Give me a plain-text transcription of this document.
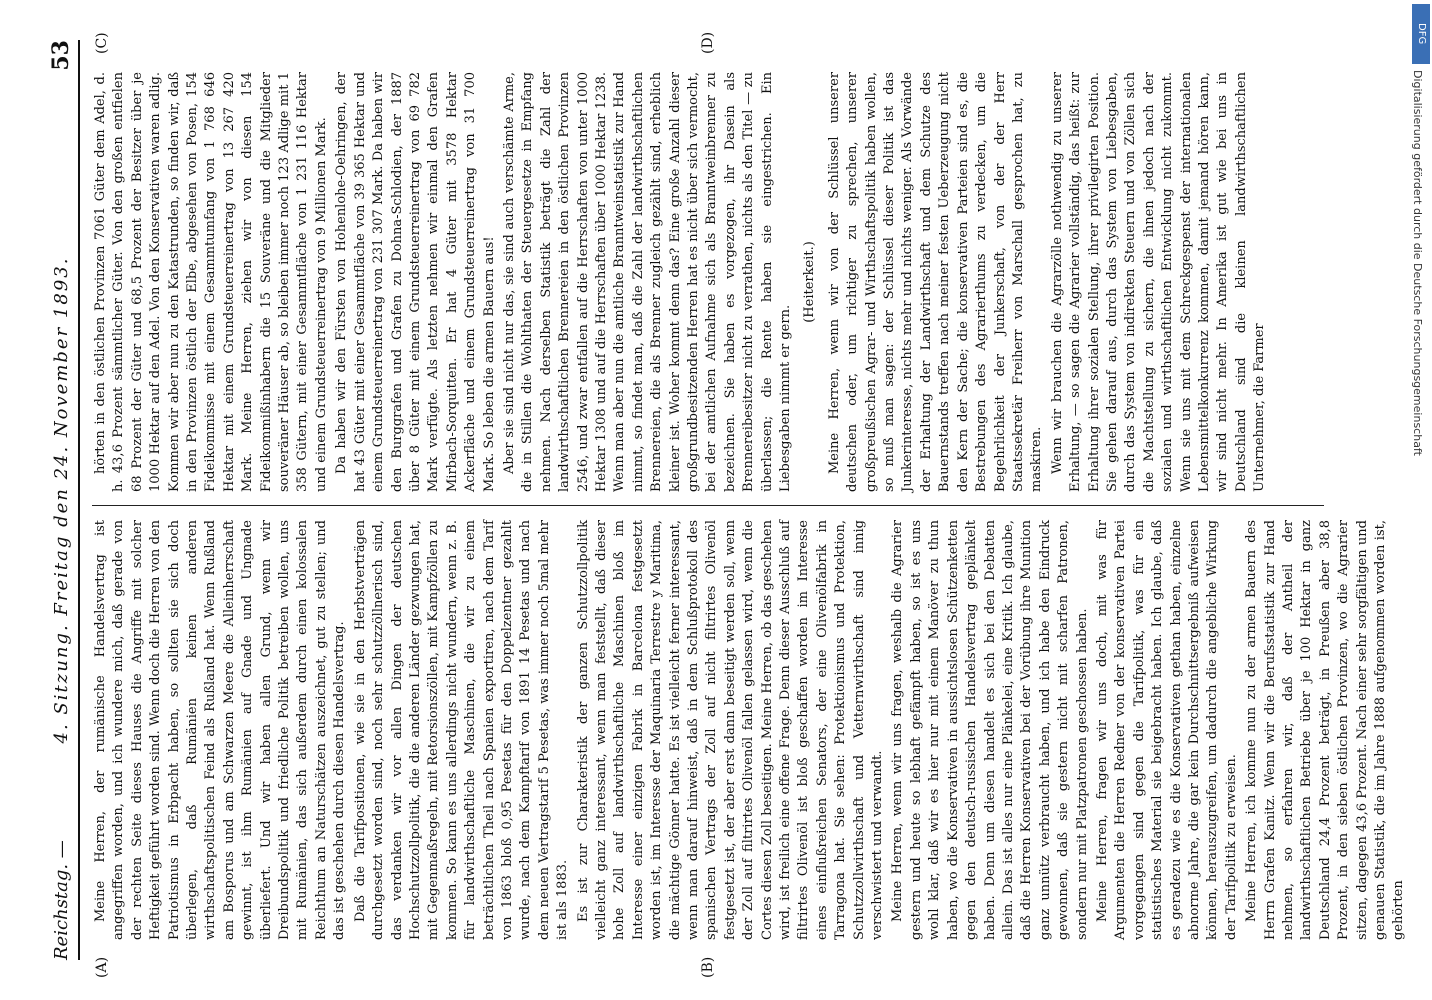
Reichstag. —
4. Sitzung. Freitag den 24. November 1893.
53
(A)	(B)
(C)	(D)

Meine Herren, der rumänische Handelsvertrag ist angegriffen worden, und ich wundere mich, daß gerade von der rechten Seite dieses Hauses die Angriffe mit solcher Heftigkeit geführt worden sind. Wenn doch die Herren von den Patriotismus in Erbpacht haben, so sollten sie sich doch überlegen, daß Rumänien keinen anderen wirthschaftspolitischen Feind als Rußland hat. Wenn Rußland am Bosporus und am Schwarzen Meere die Alleinherrschaft gewinnt, ist ihm Rumänien auf Gnade und Ungnade überliefert. Und wir haben allen Grund, wenn wir Dreibundspolitik und friedliche Politik betreiben wollen, uns mit Rumänien, das sich außerdem durch einen kolossalen Reichthum an Naturschätzen auszeichnet, gut zu stellen; und das ist geschehen durch diesen Handelsvertrag. Daß die Tarifpositionen, wie sie in den Herbstverträgen durchgesetzt worden sind, noch sehr schutzzöllnerisch sind, das verdanken wir vor allen Dingen der deutschen Hochschutzzollpolitik, die die anderen Länder gezwungen hat, mit Gegenmaßregeln, mit Retorsionszöllen, mit Kampfzöllen zu kommen. So kann es uns allerdings nicht wundern, wenn z. B. für landwirthschaftliche Maschinen, die wir zu einem beträchtlichen Theil nach Spanien exportiren, nach dem Tarif von 1863 bloß 0,95 Pesetas für den Doppelzentner gezahlt wurde, nach dem Kampftarif von 1891 14 Pesetas und nach dem neuen Vertragstarif 5 Pesetas, was immer noch 5mal mehr ist als 1883. Es ist zur Charakteristik der ganzen Schutzzollpolitik vielleicht ganz interessant, wenn man feststellt, daß dieser hohe Zoll auf landwirthschaftliche Maschinen bloß im Interesse einer einzigen Fabrik in Barcelona festgesetzt worden ist, im Interesse der Maquinaria Terrestre y Maritima, die mächtige Gönner hatte. Es ist vielleicht ferner interessant, wenn man darauf hinweist, daß in dem Schlußprotokoll des spanischen Vertrags der Zoll auf nicht filtrirtes Olivenöl festgesetzt ist, der aber erst dann beseitigt werden soll, wenn der Zoll auf filtrirtes Olivenöl fallen gelassen wird, wenn die Cortes diesen Zoll beseitigen. Meine Herren, ob das geschehen wird, ist freilich eine offene Frage. Denn dieser Ausschluß auf filtrirtes Olivenöl ist bloß geschaffen worden im Interesse eines einflußreichen Senators, der eine Olivenölfabrik in Tarragona hat. Sie sehen: Protektionismus und Protektion, Schutzzollwirthschaft und Vetternwirthschaft sind innig verschwistert und verwandt. Meine Herren, wenn wir uns fragen, weshalb die Agrarier gestern und heute so lebhaft gefämpft haben, so ist es uns wohl klar, daß wir es hier nur mit einem Manöver zu thun haben, wo die Konservativen in aussichtslosen Schützenketten gegen den deutsch-russischen Handelsvertrag geplänkelt haben. Denn um diesen handelt es sich bei den Debatten allein. Das ist alles nur eine Plänkelei, eine Kritik. Ich glaube, daß die Herren Konservativen bei der Vorübung ihre Munition ganz unnütz verbraucht haben, und ich habe den Eindruck gewonnen, daß sie gestern nicht mit scharfen Patronen, sondern nur mit Platzpatronen geschossen haben. Meine Herren, fragen wir uns doch, mit was für Argumenten die Herren Redner von der konservativen Partei vorgegangen sind gegen die Tarifpolitik, was für ein statistisches Material sie beigebracht haben. Ich glaube, daß es geradezu wie es die Konservativen gethan haben, einzelne abnorme Jahre, die gar kein Durchschnittsergebniß aufweisen können, herauszugreifen, um dadurch die angebliche Wirkung der Tarifpolitik zu erweisen. Meine Herren, ich komme nun zu der armen Bauern des Herrn Grafen Kanitz. Wenn wir die Berufsstatistik zur Hand nehmen, so erfahren wir, daß der Antheil der landwirthschaftlichen Betriebe über je 100 Hektar in ganz Deutschland 24,4 Prozent beträgt, in Preußen aber 38,8 Prozent, in den sieben östlichen Provinzen, wo die Agrarier sitzen, dagegen 43,6 Prozent. Nach einer sehr sorgfältigen und genauen Statistik, die im Jahre 1888 aufgenommen worden ist, gehörten

hörten in den östlichen Provinzen 7061 Güter dem Adel, d. h. 43,6 Prozent sämmtlicher Güter. Von den großen entfielen 68 Prozent der Güter und 68,5 Prozent der Besitzer über je 1000 Hektar auf den Adel. Von den Konservativen waren adlig. Kommen wir aber nun zu den Katastrunden, so finden wir, daß in den Provinzen östlich der Elbe, abgesehen von Posen, 154 Fideikommisse mit einem Gesammtumfang von 1 768 646 Hektar mit einem Grundsteuerreinertrag von 13 267 420 Mark. Meine Herren, ziehen wir von diesen 154 Fideikommißinhabern die 15 Souveräne und die Mitglieder souveräner Häuser ab, so bleiben immer noch 123 Adlige mit 1 358 Gütern, mit einer Gesammtfläche von 1 231 116 Hektar und einem Grundsteuerreinertrag von 9 Millionen Mark. Da haben wir den Fürsten von Hohenlohe-Oehringen, der hat 43 Güter mit einer Gesammtfläche von 39 365 Hektar und einem Grundsteuerreinertrag von 231 307 Mark. Da haben wir den Burggrafen und Grafen zu Dohna-Schlodien, der 1887 über 8 Güter mit einem Grundsteuerreinertrag von 69 782 Mark verfügte. Als letzten nehmen wir einmal den Grafen Mirbach-Sorquitten. Er hat 4 Güter mit 3578 Hektar Ackerfläche und einem Grundsteuerreinertrag von 31 700 Mark. So leben die armen Bauern aus! Aber sie sind nicht nur das, sie sind auch verschämte Arme, die in Stillen die Wohlthaten der Steuergesetze in Empfang nehmen. Nach derselben Statistik beträgt die Zahl der landwirthschaftlichen Brennereien in den östlichen Provinzen 2546, und zwar entfallen auf die Herrschaften von unter 1000 Hektar 1308 und auf die Herrschaften über 1000 Hektar 1238. Wenn man aber nun die amtliche Branntweinstatistik zur Hand nimmt, so findet man, daß die Zahl der landwirthschaftlichen Brennereien, die als Brenner zugleich gezählt sind, erheblich kleiner ist. Woher kommt denn das? Eine große Anzahl dieser großgrundbesitzenden Herren hat es nicht über sich vermocht, bei der amtlichen Aufnahme sich als Branntweinbrenner zu bezeichnen. Sie haben es vorgezogen, ihr Dasein als Brennereibesitzer nicht zu verrathen, nichts als den Titel — zu überlassen; die Rente haben sie eingestrichen. Ein Liebesgaben nimmt er gern.

(Heiterkeit.) Meine Herren, wenn wir von der Schlüssel unserer deutschen oder, um richtiger zu sprechen, unserer großpreußischen Agrar- und Wirthschaftspolitik haben wollen, so muß man sagen: der Schlüssel dieser Politik ist das Junkerinteresse, nichts mehr und nichts weniger. Als Vorwände der Erhaltung der Landwirthschaft und dem Schutze des Bauernstands treffen nach meiner festen Ueberzeugung nicht den Kern der Sache; die konservativen Parteien sind es, die Bestrebungen des Agrarierthums zu verdecken, um die Begehrlichkeit der Junkerschaft, von der der Herr Staatssekretär Freiherr von Marschall gesprochen hat, zu maskiren. Wenn wir brauchen die Agrarzölle nothwendig zu unserer Erhaltung, — so sagen die Agrarier vollständig, das heißt: zur Erhaltung ihrer sozialen Stellung, ihrer privilegirten Position. Sie gehen darauf aus, durch das System von Liebesgaben, durch das System von indirekten Steuern und von Zöllen sich die Machtstellung zu sichern, die ihnen jedoch nach der sozialen und wirthschaftlichen Entwicklung nicht zukommt. Wenn sie uns mit dem Schreckgespenst der internationalen Lebensmittelkonkurrenz kommen, damit jemand hören kann, wir sind nicht mehr. In Amerika ist gut wie bei uns in Deutschland sind die kleinen landwirthschaftlichen Unternehmer, die Farmer

DFG
Digitalisierung gefördert durch die Deutsche Forschungsgemeinschaft
